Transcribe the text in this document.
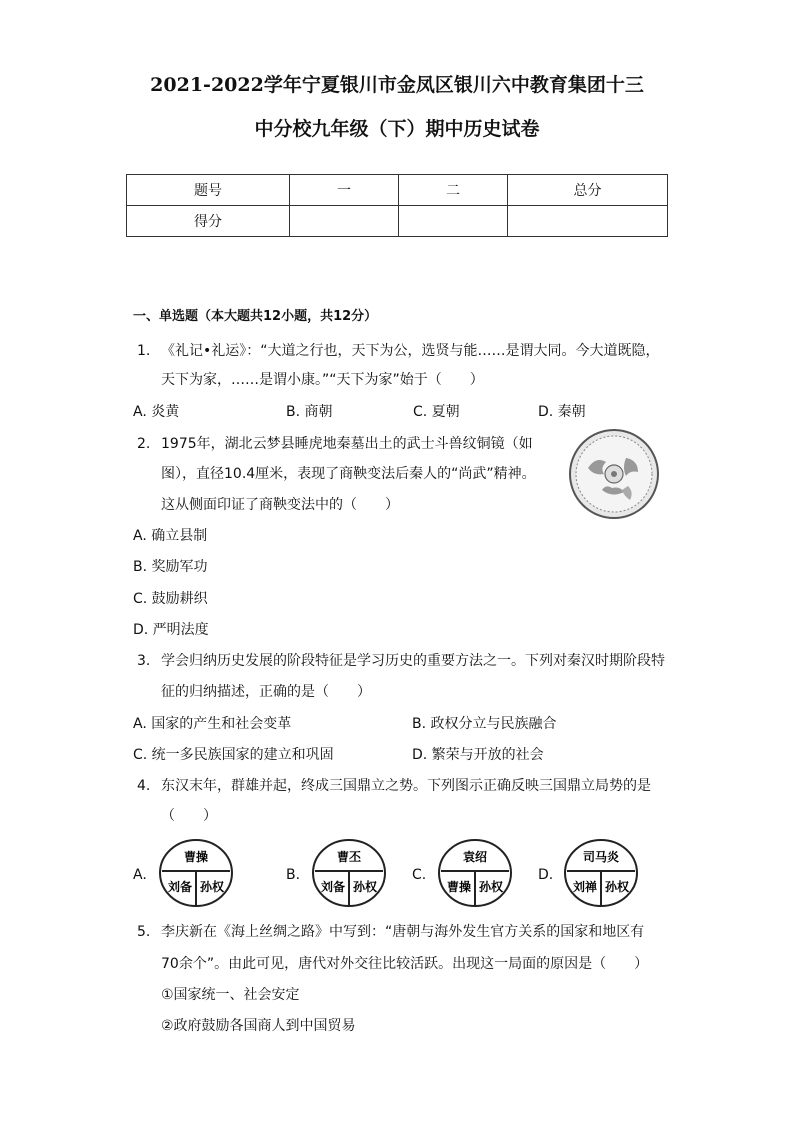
2021-2022学年宁夏银川市金凤区银川六中教育集团十三
中分校九年级（下）期中历史试卷
题号	一	二	总分
得分			
一、单选题（本大题共12小题，共12分）
1. 《礼记•礼运》：“大道之行也，天下为公，选贤与能……是谓大同。今大道既隐，
天下为家，……是谓小康。”“天下为家”始于（　　）
A. 炎黄	B. 商朝	C. 夏朝	D. 秦朝
2. 1975年，湖北云梦县睡虎地秦墓出土的武士斗兽纹铜镜（如
图），直径10.4厘米，表现了商鞅变法后秦人的“尚武”精神。
这从侧面印证了商鞅变法中的（　　）
A. 确立县制
B. 奖励军功
C. 鼓励耕织
D. 严明法度
3. 学会归纳历史发展的阶段特征是学习历史的重要方法之一。下列对秦汉时期阶段特
征的归纳描述，正确的是（　　）
A. 国家的产生和社会变革	B. 政权分立与民族融合
C. 统一多民族国家的建立和巩固	D. 繁荣与开放的社会
4. 东汉末年，群雄并起，终成三国鼎立之势。下列图示正确反映三国鼎立局势的是
（　　）
A.
曹操
刘备 孙权
B.
曹丕
刘备 孙权
C.
袁绍
曹操 孙权
D.
司马炎
刘禅 孙权
5. 李庆新在《海上丝绸之路》中写到：“唐朝与海外发生官方关系的国家和地区有
70余个”。由此可见，唐代对外交往比较活跃。出现这一局面的原因是（　　）
①国家统一、社会安定
②政府鼓励各国商人到中国贸易
